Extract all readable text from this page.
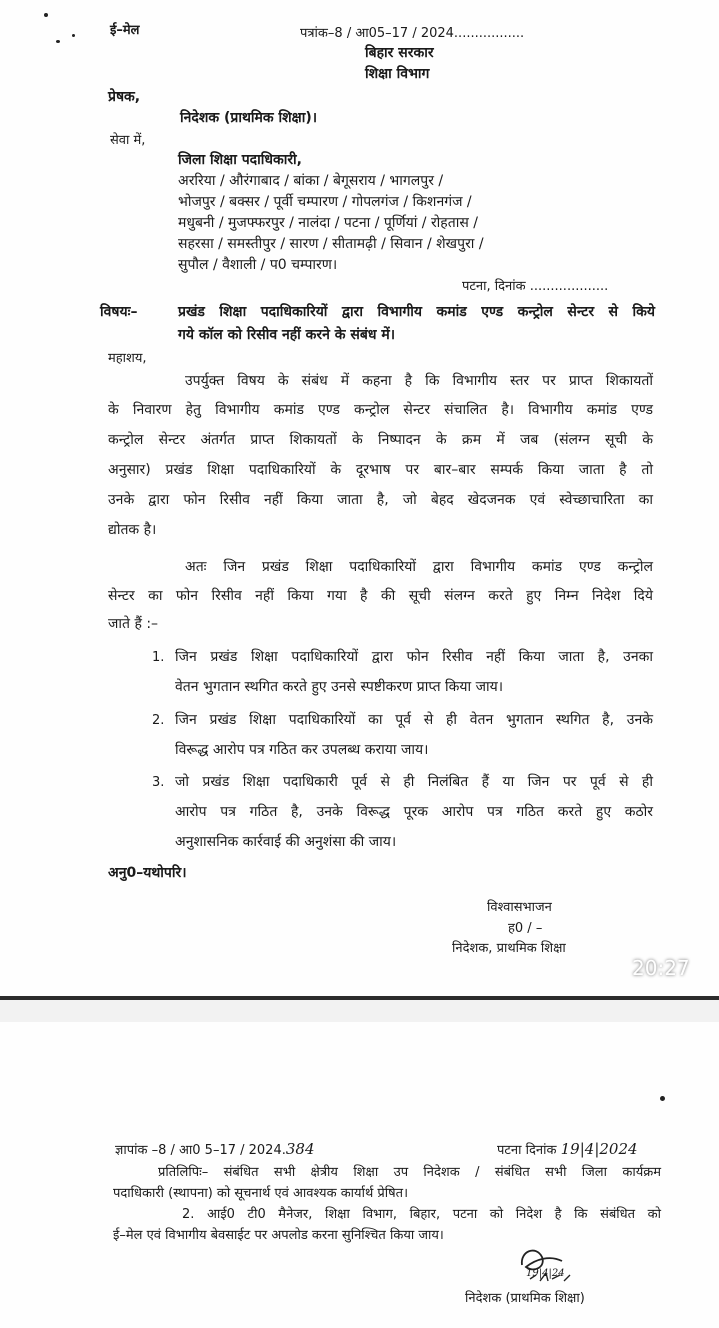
ई–मेल	पत्रांक–8 / आ05–17 / 2024.................
बिहार सरकार
शिक्षा विभाग
प्रेषक,
निदेशक (प्राथमिक शिक्षा)।
सेवा में,
जिला शिक्षा पदाधिकारी,
अररिया / औरंगाबाद / बांका / बेगूसराय / भागलपुर /
भोजपुर / बक्सर / पूर्वी चम्पारण / गोपलगंज / किशनगंज /
मधुबनी / मुजफ्फरपुर / नालंदा / पटना / पूर्णियां / रोहतास /
सहरसा / समस्तीपुर / सारण / सीतामढ़ी / सिवान / शेखपुरा /
सुपौल / वैशाली / प0 चम्पारण।
पटना, दिनांक ...................
विषयः–	प्रखंड शिक्षा पदाधिकारियों द्वारा विभागीय कमांड एण्ड कन्ट्रोल सेन्टर से किये
गये कॉल को रिसीव नहीं करने के संबंध में।
महाशय,
उपर्युक्त विषय के संबंध में कहना है कि विभागीय स्तर पर प्राप्त शिकायतों
के निवारण हेतु विभागीय कमांड एण्ड कन्ट्रोल सेन्टर संचालित है। विभागीय कमांड एण्ड
कन्ट्रोल सेन्टर अंतर्गत प्राप्त शिकायतों के निष्पादन के क्रम में जब (संलग्न सूची के
अनुसार) प्रखंड शिक्षा पदाधिकारियों के दूरभाष पर बार–बार सम्पर्क किया जाता है तो
उनके द्वारा फोन रिसीव नहीं किया जाता है, जो बेहद खेदजनक एवं स्वेच्छाचारिता का
द्योतक है।
अतः जिन प्रखंड शिक्षा पदाधिकारियों द्वारा विभागीय कमांड एण्ड कन्ट्रोल
सेन्टर का फोन रिसीव नहीं किया गया है की सूची संलग्न करते हुए निम्न निदेश दिये
जाते हैं :–
1. जिन प्रखंड शिक्षा पदाधिकारियों द्वारा फोन रिसीव नहीं किया जाता है, उनका
वेतन भुगतान स्थगित करते हुए उनसे स्पष्टीकरण प्राप्त किया जाय।
2. जिन प्रखंड शिक्षा पदाधिकारियों का पूर्व से ही वेतन भुगतान स्थगित है, उनके
विरूद्ध आरोप पत्र गठित कर उपलब्ध कराया जाय।
3. जो प्रखंड शिक्षा पदाधिकारी पूर्व से ही निलंबित हैं या जिन पर पूर्व से ही
आरोप पत्र गठित है, उनके विरूद्ध पूरक आरोप पत्र गठित करते हुए कठोर
अनुशासनिक कार्रवाई की अनुशंसा की जाय।
अनु0–यथोपरि।
विश्वासभाजन
ह0 / –
निदेशक, प्राथमिक शिक्षा
20:27
ज्ञापांक –8 / आ0 5–17 / 2024.384	पटना दिनांक 19|4|2024
प्रतिलिपिः– संबंधित सभी क्षेत्रीय शिक्षा उप निदेशक / संबंधित सभी जिला कार्यक्रम
पदाधिकारी (स्थापना) को सूचनार्थ एवं आवश्यक कार्यार्थ प्रेषित।
2. आई0 टी0 मैनेजर, शिक्षा विभाग, बिहार, पटना को निदेश है कि संबंधित को
ई–मेल एवं विभागीय बेवसाईट पर अपलोड करना सुनिश्चित किया जाय।
19|4|24
निदेशक (प्राथमिक शिक्षा)
